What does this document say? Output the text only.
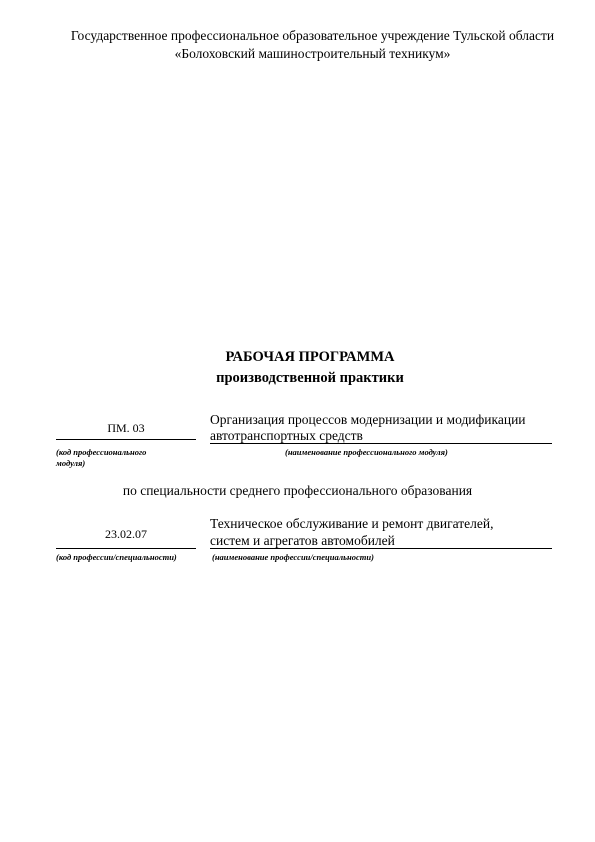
Государственное профессиональное образовательное учреждение Тульской области
«Болоховский машиностроительный техникум»
РАБОЧАЯ ПРОГРАММА
производственной практики
ПМ. 03
Организация процессов модернизации и модификации
автотранспортных средств
(код профессионального
модуля)
(наименование профессионального модуля)
по специальности среднего профессионального образования
23.02.07
Техническое обслуживание и ремонт двигателей,
систем и агрегатов автомобилей
(код профессии/специальности)	(наименование профессии/специальности)
